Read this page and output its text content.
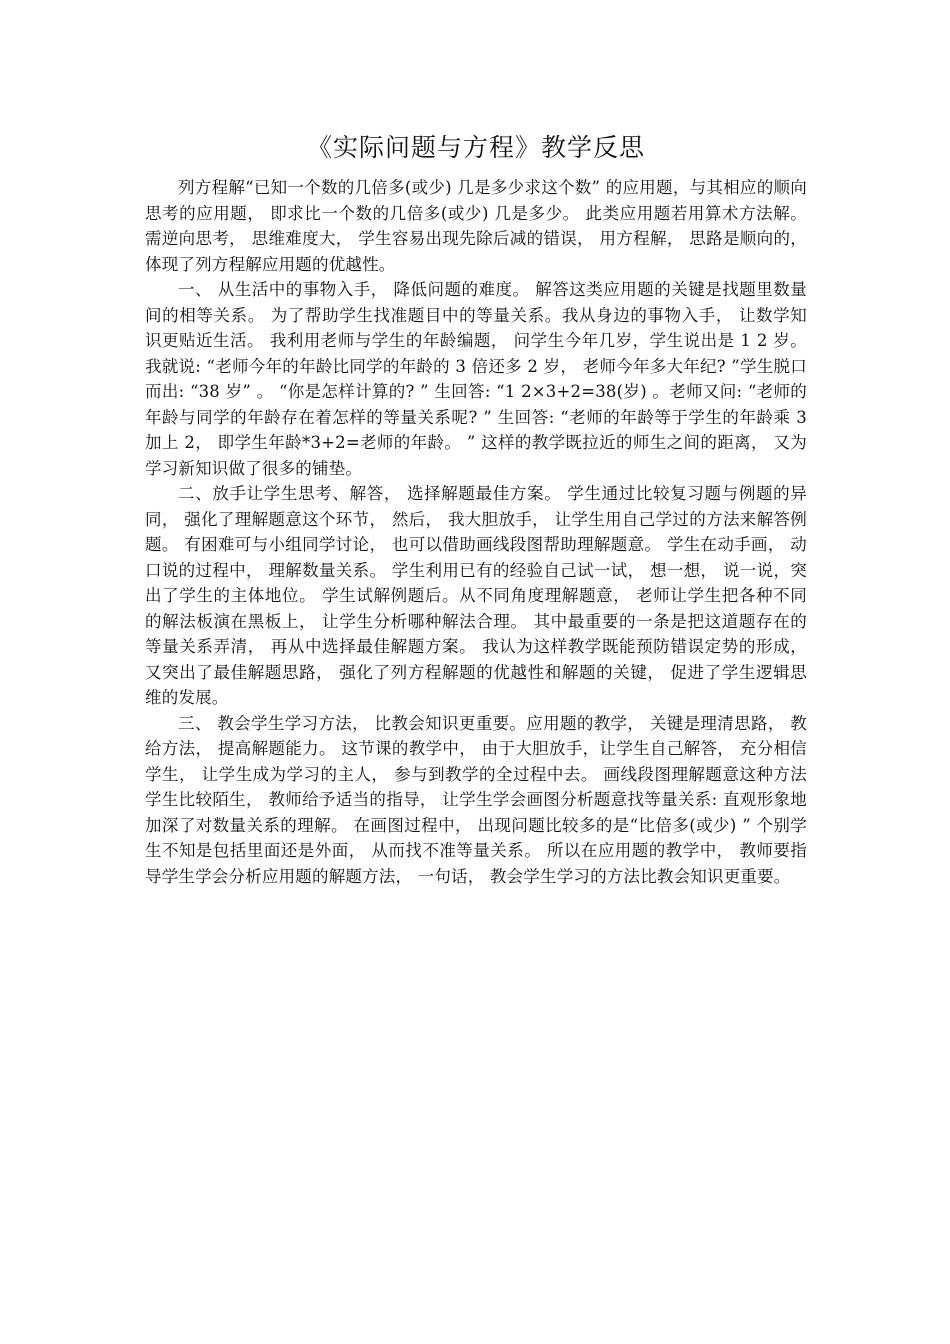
《实际问题与方程》教学反思

列方程解“已知一个数的几倍多(或少) 几是多少求这个数” 的应用题，与其相应的顺向思考的应用题， 即求比一个数的几倍多(或少) 几是多少。 此类应用题若用算术方法解。 需逆向思考， 思维难度大， 学生容易出现先除后减的错误， 用方程解， 思路是顺向的， 体现了列方程解应用题的优越性。

一、 从生活中的事物入手， 降低问题的难度。 解答这类应用题的关键是找题里数量间的相等关系。 为了帮助学生找准题目中的等量关系。我从身边的事物入手， 让数学知识更贴近生活。 我利用老师与学生的年龄编题， 问学生今年几岁，学生说出是 1 2 岁。我就说: “老师今年的年龄比同学的年龄的 3 倍还多 2 岁， 老师今年多大年纪? ”学生脱口而出: “38 岁” 。 “你是怎样计算的? ” 生回答: “1 2×3+2=38(岁) 。老师又问: “老师的年龄与同学的年龄存在着怎样的等量关系呢? ” 生回答: “老师的年龄等于学生的年龄乘 3 加上 2， 即学生年龄*3+2=老师的年龄。 ” 这样的教学既拉近的师生之间的距离， 又为学习新知识做了很多的铺垫。

二、放手让学生思考、解答， 选择解题最佳方案。 学生通过比较复习题与例题的异同， 强化了理解题意这个环节， 然后， 我大胆放手， 让学生用自己学过的方法来解答例题。 有困难可与小组同学讨论， 也可以借助画线段图帮助理解题意。 学生在动手画， 动口说的过程中， 理解数量关系。 学生利用已有的经验自己试一试， 想一想， 说一说，突出了学生的主体地位。 学生试解例题后。从不同角度理解题意， 老师让学生把各种不同的解法板演在黑板上， 让学生分析哪种解法合理。 其中最重要的一条是把这道题存在的等量关系弄清， 再从中选择最佳解题方案。 我认为这样教学既能预防错误定势的形成， 又突出了最佳解题思路， 强化了列方程解题的优越性和解题的关键， 促进了学生逻辑思维的发展。

三、 教会学生学习方法， 比教会知识更重要。应用题的教学， 关键是理清思路， 教给方法， 提高解题能力。 这节课的教学中， 由于大胆放手，让学生自己解答， 充分相信学生， 让学生成为学习的主人， 参与到教学的全过程中去。 画线段图理解题意这种方法学生比较陌生， 教师给予适当的指导， 让学生学会画图分析题意找等量关系: 直观形象地加深了对数量关系的理解。 在画图过程中， 出现问题比较多的是“比倍多(或少) ” 个别学生不知是包括里面还是外面， 从而找不准等量关系。 所以在应用题的教学中， 教师要指导学生学会分析应用题的解题方法， 一句话， 教会学生学习的方法比教会知识更重要。
